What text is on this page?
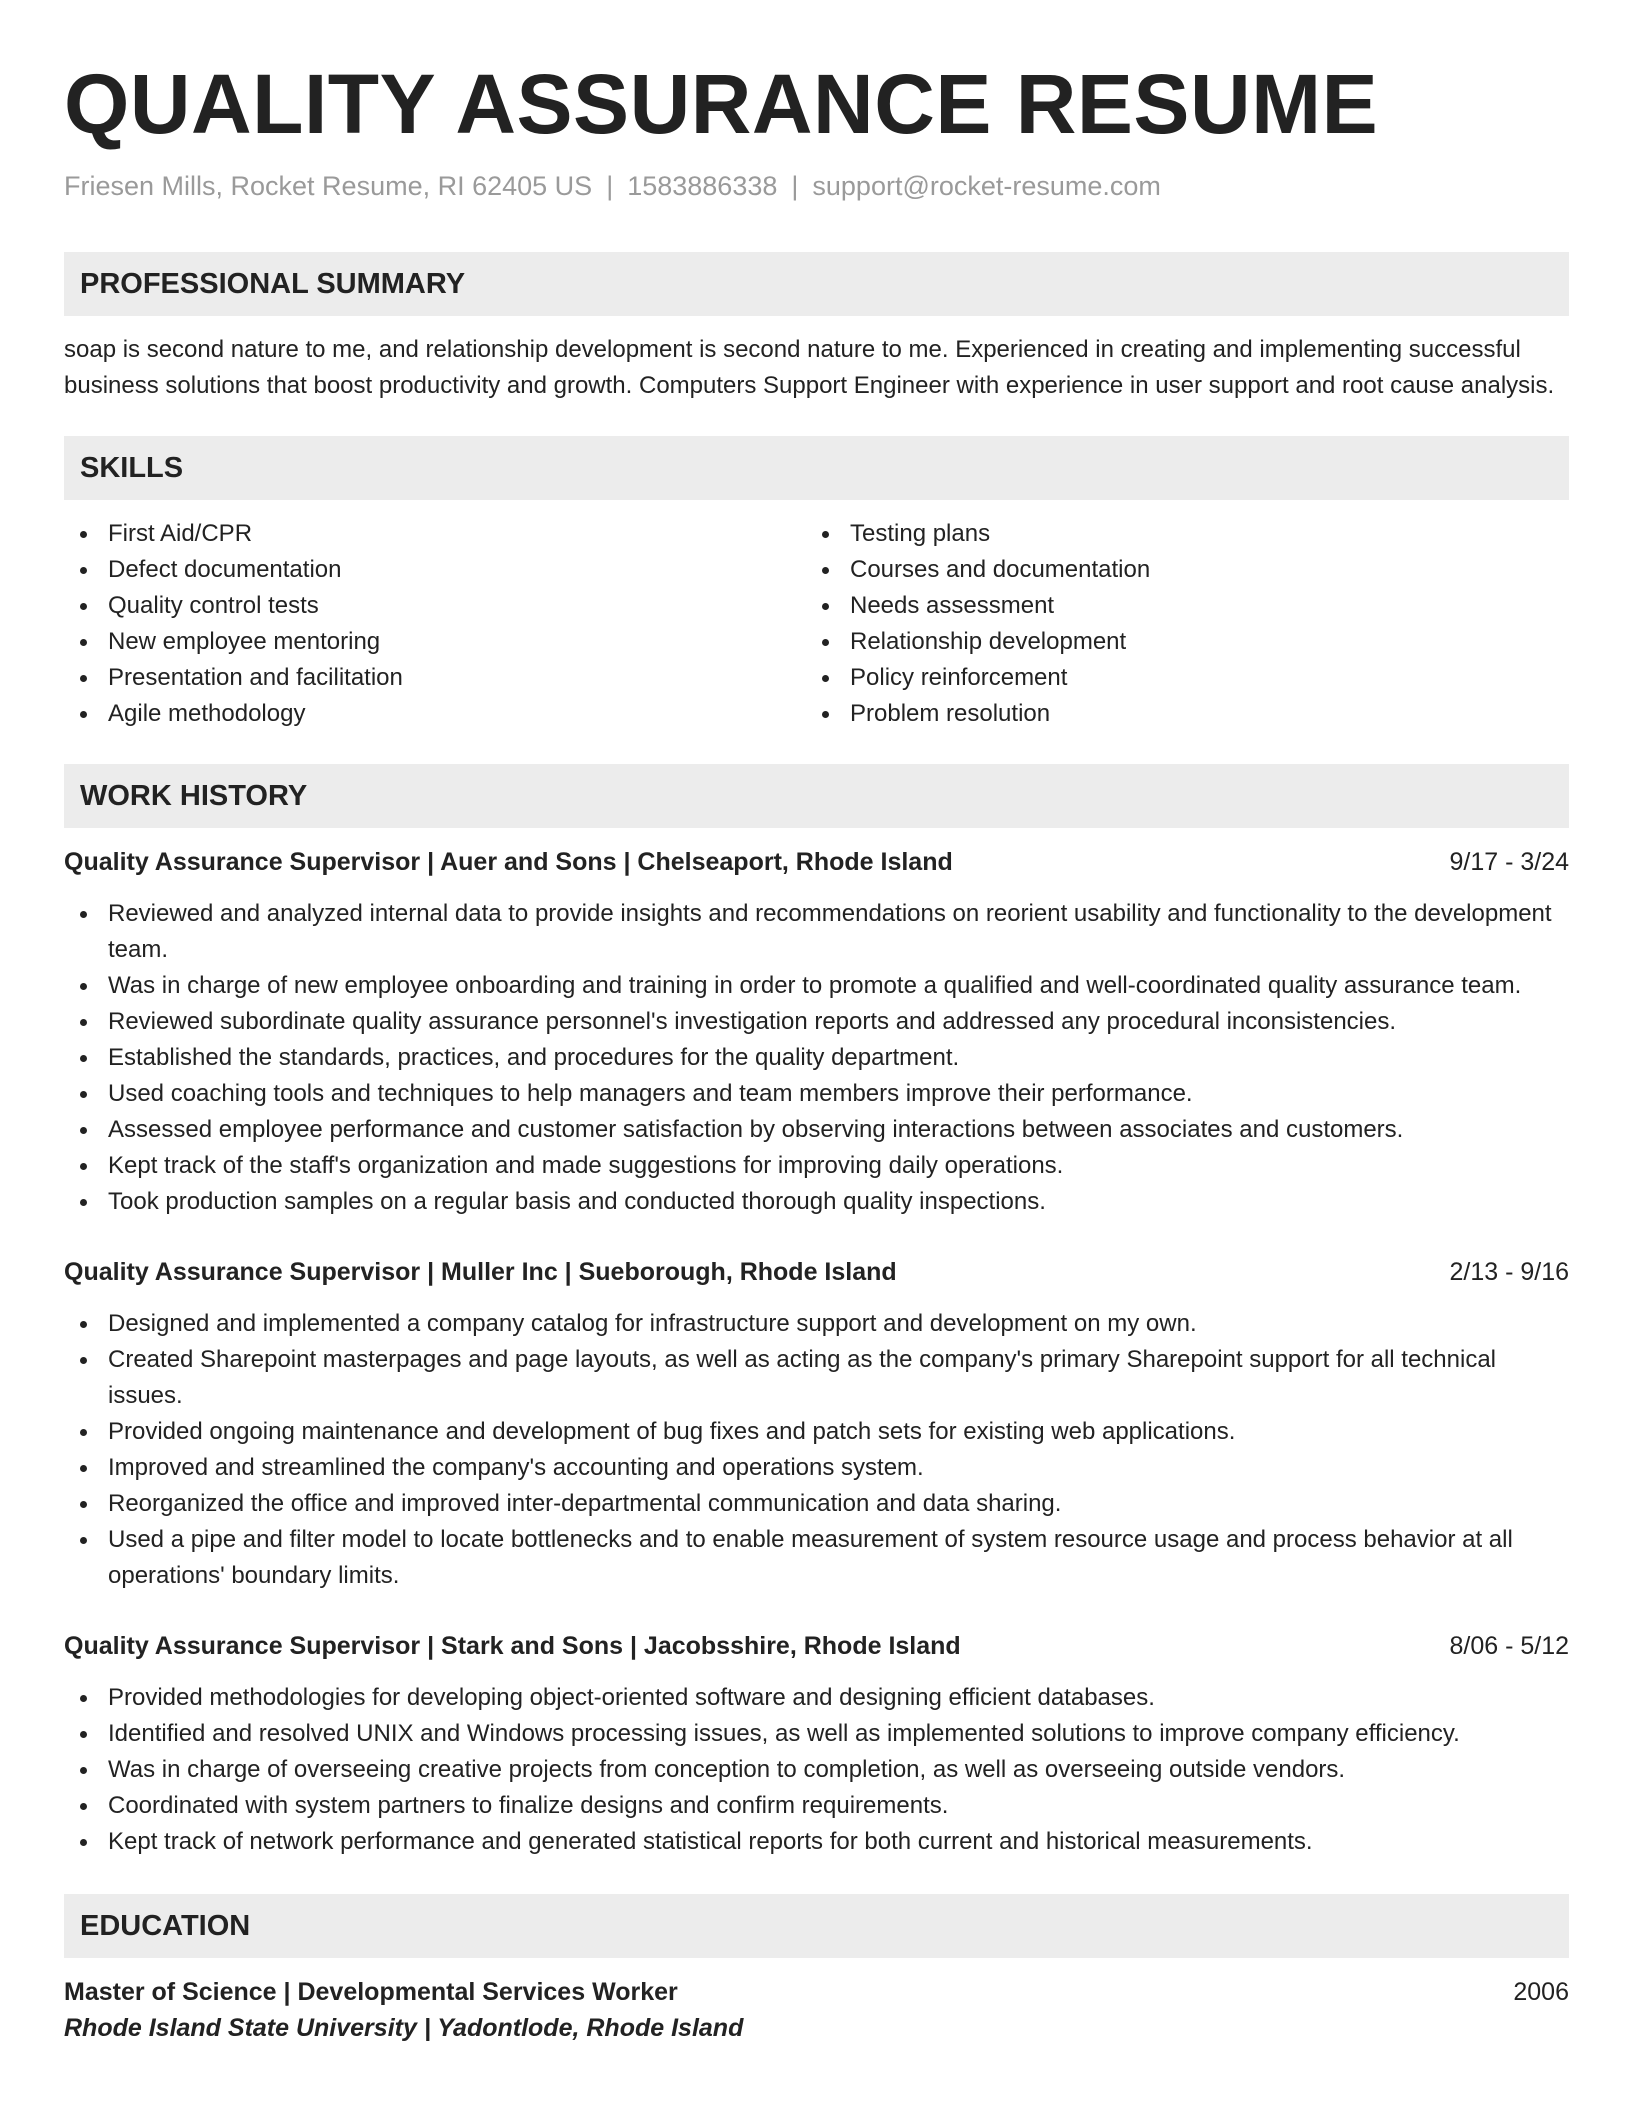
QUALITY ASSURANCE RESUME
Friesen Mills, Rocket Resume, RI 62405 US | 1583886338 | support@rocket-resume.com
PROFESSIONAL SUMMARY
soap is second nature to me, and relationship development is second nature to me. Experienced in creating and implementing successful business solutions that boost productivity and growth. Computers Support Engineer with experience in user support and root cause analysis.
SKILLS
First Aid/CPR
Defect documentation
Quality control tests
New employee mentoring
Presentation and facilitation
Agile methodology
Testing plans
Courses and documentation
Needs assessment
Relationship development
Policy reinforcement
Problem resolution
WORK HISTORY
Quality Assurance Supervisor | Auer and Sons | Chelseaport, Rhode Island	9/17 - 3/24
Reviewed and analyzed internal data to provide insights and recommendations on reorient usability and functionality to the development team.
Was in charge of new employee onboarding and training in order to promote a qualified and well-coordinated quality assurance team.
Reviewed subordinate quality assurance personnel's investigation reports and addressed any procedural inconsistencies.
Established the standards, practices, and procedures for the quality department.
Used coaching tools and techniques to help managers and team members improve their performance.
Assessed employee performance and customer satisfaction by observing interactions between associates and customers.
Kept track of the staff's organization and made suggestions for improving daily operations.
Took production samples on a regular basis and conducted thorough quality inspections.
Quality Assurance Supervisor | Muller Inc | Sueborough, Rhode Island	2/13 - 9/16
Designed and implemented a company catalog for infrastructure support and development on my own.
Created Sharepoint masterpages and page layouts, as well as acting as the company's primary Sharepoint support for all technical issues.
Provided ongoing maintenance and development of bug fixes and patch sets for existing web applications.
Improved and streamlined the company's accounting and operations system.
Reorganized the office and improved inter-departmental communication and data sharing.
Used a pipe and filter model to locate bottlenecks and to enable measurement of system resource usage and process behavior at all operations' boundary limits.
Quality Assurance Supervisor | Stark and Sons | Jacobsshire, Rhode Island	8/06 - 5/12
Provided methodologies for developing object-oriented software and designing efficient databases.
Identified and resolved UNIX and Windows processing issues, as well as implemented solutions to improve company efficiency.
Was in charge of overseeing creative projects from conception to completion, as well as overseeing outside vendors.
Coordinated with system partners to finalize designs and confirm requirements.
Kept track of network performance and generated statistical reports for both current and historical measurements.
EDUCATION
Master of Science | Developmental Services Worker	2006
Rhode Island State University | Yadontlode, Rhode Island
